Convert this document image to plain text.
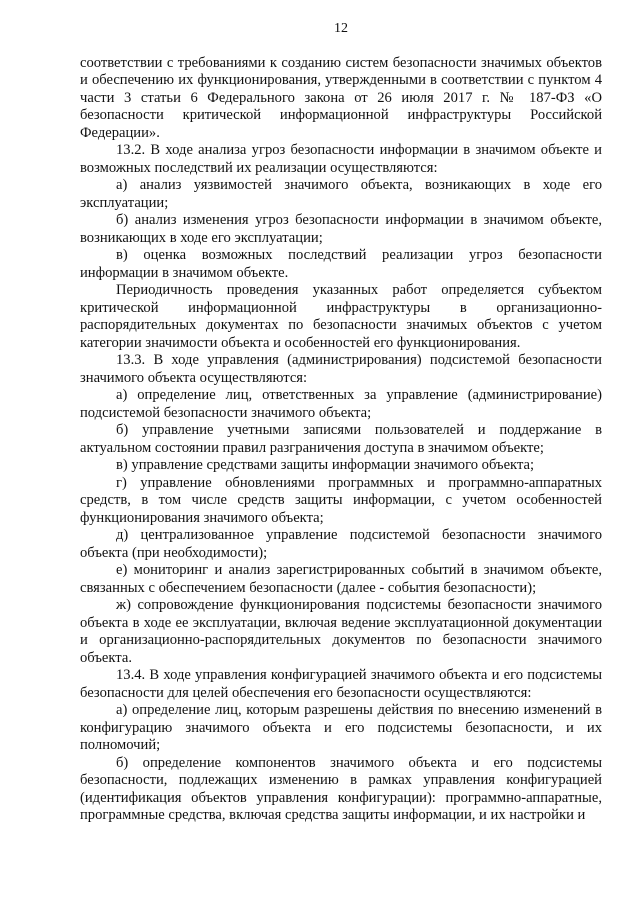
12

соответствии с требованиями к созданию систем безопасности значимых объектов и обеспечению их функционирования, утвержденными в соответствии с пунктом 4 части 3 статьи 6 Федерального закона от 26 июля 2017 г. № 187-ФЗ «О безопасности критической информационной инфраструктуры Российской Федерации».

13.2. В ходе анализа угроз безопасности информации в значимом объекте и возможных последствий их реализации осуществляются:

а) анализ уязвимостей значимого объекта, возникающих в ходе его эксплуатации;

б) анализ изменения угроз безопасности информации в значимом объекте, возникающих в ходе его эксплуатации;

в) оценка возможных последствий реализации угроз безопасности информации в значимом объекте.

Периодичность проведения указанных работ определяется субъектом критической информационной инфраструктуры в организационно-распорядительных документах по безопасности значимых объектов с учетом категории значимости объекта и особенностей его функционирования.

13.3. В ходе управления (администрирования) подсистемой безопасности значимого объекта осуществляются:

а) определение лиц, ответственных за управление (администрирование) подсистемой безопасности значимого объекта;

б) управление учетными записями пользователей и поддержание в актуальном состоянии правил разграничения доступа в значимом объекте;

в) управление средствами защиты информации значимого объекта;

г) управление обновлениями программных и программно-аппаратных средств, в том числе средств защиты информации, с учетом особенностей функционирования значимого объекта;

д) централизованное управление подсистемой безопасности значимого объекта (при необходимости);

е) мониторинг и анализ зарегистрированных событий в значимом объекте, связанных с обеспечением безопасности (далее - события безопасности);

ж) сопровождение функционирования подсистемы безопасности значимого объекта в ходе ее эксплуатации, включая ведение эксплуатационной документации и организационно-распорядительных документов по безопасности значимого объекта.

13.4. В ходе управления конфигурацией значимого объекта и его подсистемы безопасности для целей обеспечения его безопасности осуществляются:

а) определение лиц, которым разрешены действия по внесению изменений в конфигурацию значимого объекта и его подсистемы безопасности, и их полномочий;

б) определение компонентов значимого объекта и его подсистемы безопасности, подлежащих изменению в рамках управления конфигурацией (идентификация объектов управления конфигурации): программно-аппаратные, программные средства, включая средства защиты информации, и их настройки и
